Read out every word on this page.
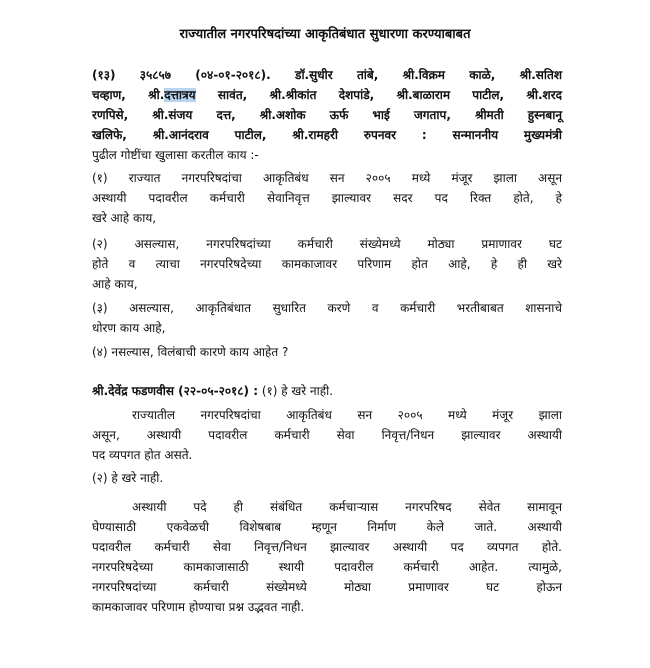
राज्यातील नगरपरिषदांच्या आकृतिबंधात सुधारणा करण्याबाबत
(१३) ३५८५७ (०४-०१-२०१८). डॉ.सुधीर तांबे, श्री.विक्रम काळे, श्री.सतिश
चव्हाण, श्री.दत्तात्रय सावंत, श्री.श्रीकांत देशपांडे, श्री.बाळाराम पाटील, श्री.शरद
रणपिसे, श्री.संजय दत्त, श्री.अशोक ऊर्फ भाई जगताप, श्रीमती हुस्नबानू
खलिफे, श्री.आनंदराव पाटील, श्री.रामहरी रुपनवर : सन्माननीय मुख्यमंत्री
पुढील गोष्टींचा खुलासा करतील काय :-
(१) राज्यात नगरपरिषदांचा आकृतिबंध सन २००५ मध्ये मंजूर झाला असून
अस्थायी पदावरील कर्मचारी सेवानिवृत्त झाल्यावर सदर पद रिक्त होते, हे
खरे आहे काय,
(२) असल्यास, नगरपरिषदांच्या कर्मचारी संख्येमध्ये मोठ्या प्रमाणावर घट
होते व त्याचा नगरपरिषदेच्या कामकाजावर परिणाम होत आहे, हे ही खरे
आहे काय,
(३) असल्यास, आकृतिबंधात सुधारित करणे व कर्मचारी भरतीबाबत शासनाचे
धोरण काय आहे,
(४) नसल्यास, विलंबाची कारणे काय आहेत ?
श्री.देवेंद्र फडणवीस (२२-०५-२०१८) : (१) हे खरे नाही.
राज्यातील नगरपरिषदांचा आकृतिबंध सन २००५ मध्ये मंजूर झाला
असून, अस्थायी पदावरील कर्मचारी सेवा निवृत्त/निधन झाल्यावर अस्थायी
पद व्यपगत होत असते.
(२) हे खरे नाही.
अस्थायी पदे ही संबंधित कर्मचाऱ्यास नगरपरिषद सेवेत सामावून
घेण्यासाठी एकवेळची विशेषबाब म्हणून निर्माण केले जाते. अस्थायी
पदावरील कर्मचारी सेवा निवृत्त/निधन झाल्यावर अस्थायी पद व्यपगत होते.
नगरपरिषदेच्या कामकाजासाठी स्थायी पदावरील कर्मचारी आहेत. त्यामुळे,
नगरपरिषदांच्या कर्मचारी संख्येमध्ये मोठ्या प्रमाणावर घट होऊन
कामकाजावर परिणाम होण्याचा प्रश्न उद्भवत नाही.
